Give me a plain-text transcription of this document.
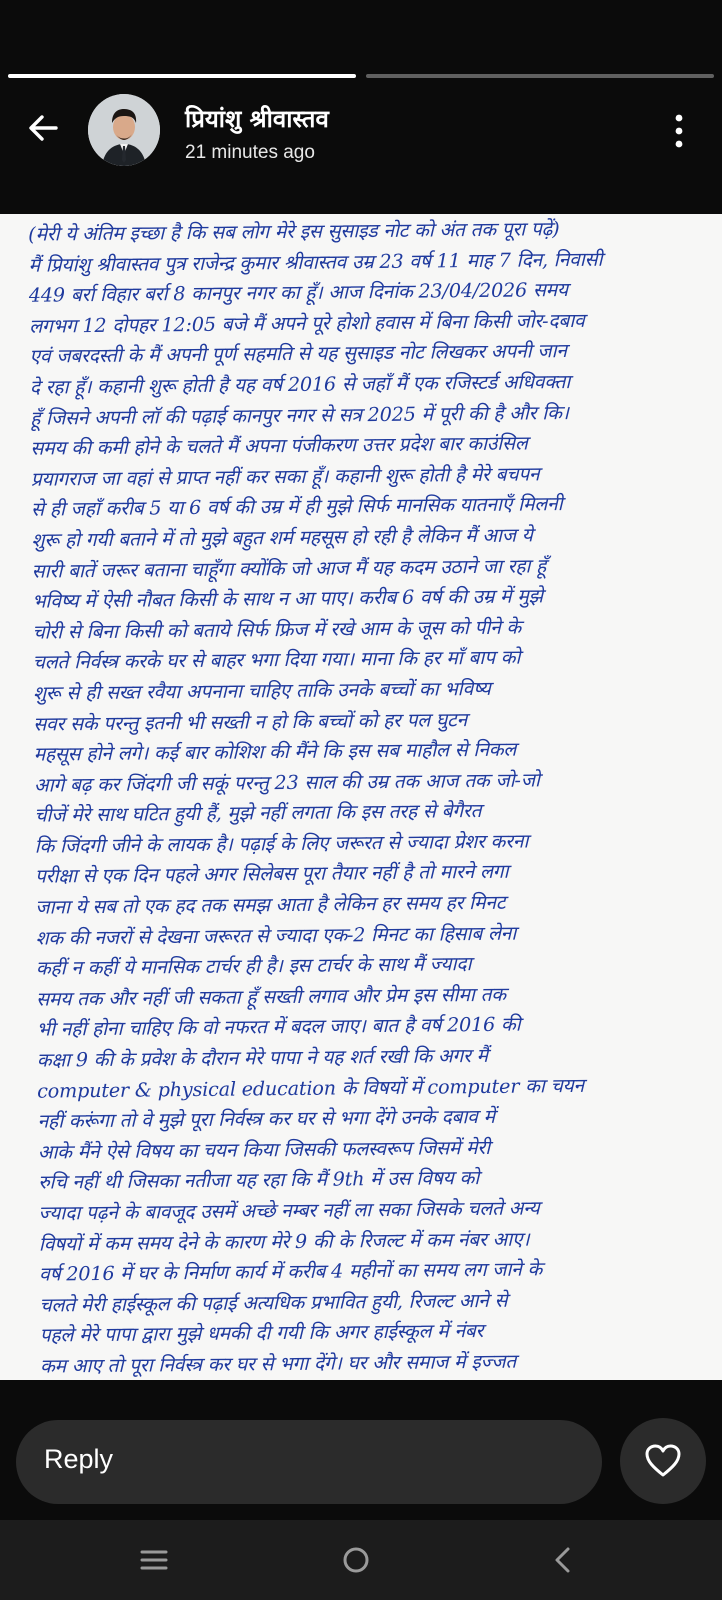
प्रियांशु श्रीवास्तव
21 minutes ago
(मेरी ये अंतिम इच्छा है कि सब लोग मेरे इस सुसाइड नोट को अंत तक पूरा पढ़ें)
मैं प्रियांशु श्रीवास्तव पुत्र राजेन्द्र कुमार श्रीवास्तव उम्र 23 वर्ष 11 माह 7 दिन, निवासी
449 बर्रा विहार बर्रा 8 कानपुर नगर का हूँ। आज दिनांक 23/04/2026 समय
लगभग 12 दोपहर 12:05 बजे मैं अपने पूरे होशो हवास में बिना किसी जोर-दबाव
एवं जबरदस्ती के मैं अपनी पूर्ण सहमति से यह सुसाइड नोट लिखकर अपनी जान
दे रहा हूँ। कहानी शुरू होती है यह वर्ष 2016 से जहाँ मैं एक रजिस्टर्ड अधिवक्ता
हूँ जिसने अपनी लॉ की पढ़ाई कानपुर नगर से सत्र 2025 में पूरी की है और कि।
समय की कमी होने के चलते मैं अपना पंजीकरण उत्तर प्रदेश बार काउंसिल
प्रयागराज जा वहां से प्राप्त नहीं कर सका हूँ। कहानी शुरू होती है मेरे बचपन
से ही जहाँ करीब 5 या 6 वर्ष की उम्र में ही मुझे सिर्फ मानसिक यातनाएँ मिलनी
शुरू हो गयी बताने में तो मुझे बहुत शर्म महसूस हो रही है लेकिन मैं आज ये
सारी बातें जरूर बताना चाहूँगा क्योंकि जो आज मैं यह कदम उठाने जा रहा हूँ
भविष्य में ऐसी नौबत किसी के साथ न आ पाए। करीब 6 वर्ष की उम्र में मुझे
चोरी से बिना किसी को बताये सिर्फ फ्रिज में रखे आम के जूस को पीने के
चलते निर्वस्त्र करके घर से बाहर भगा दिया गया। माना कि हर माँ बाप को
शुरू से ही सख्त रवैया अपनाना चाहिए ताकि उनके बच्चों का भविष्य
सवर सके परन्तु इतनी भी सख्ती न हो कि बच्चों को हर पल घुटन
महसूस होने लगे। कई बार कोशिश की मैंने कि इस सब माहौल से निकल
आगे बढ़ कर जिंदगी जी सकूं परन्तु 23 साल की उम्र तक आज तक जो-जो
चीजें मेरे साथ घटित हुयी हैं, मुझे नहीं लगता कि इस तरह से बेगैरत
कि जिंदगी जीने के लायक है। पढ़ाई के लिए जरूरत से ज्यादा प्रेशर करना
परीक्षा से एक दिन पहले अगर सिलेबस पूरा तैयार नहीं है तो मारने लगा
जाना ये सब तो एक हद तक समझ आता है लेकिन हर समय हर मिनट
शक की नजरों से देखना जरूरत से ज्यादा एक-2 मिनट का हिसाब लेना
कहीं न कहीं ये मानसिक टार्चर ही है। इस टार्चर के साथ मैं ज्यादा
समय तक और नहीं जी सकता हूँ सख्ती लगाव और प्रेम इस सीमा तक
भी नहीं होना चाहिए कि वो नफरत में बदल जाए। बात है वर्ष 2016 की
कक्षा 9 की के प्रवेश के दौरान मेरे पापा ने यह शर्त रखी कि अगर मैं
computer & physical education के विषयों में computer का चयन
नहीं करूंगा तो वे मुझे पूरा निर्वस्त्र कर घर से भगा देंगे उनके दबाव में
आके मैंने ऐसे विषय का चयन किया जिसकी फलस्वरूप जिसमें मेरी
रुचि नहीं थी जिसका नतीजा यह रहा कि मैं 9th में उस विषय को
ज्यादा पढ़ने के बावजूद उसमें अच्छे नम्बर नहीं ला सका जिसके चलते अन्य
विषयों में कम समय देने के कारण मेरे 9 की के रिजल्ट में कम नंबर आए।
वर्ष 2016 में घर के निर्माण कार्य में करीब 4 महीनों का समय लग जाने के
चलते मेरी हाईस्कूल की पढ़ाई अत्यधिक प्रभावित हुयी, रिजल्ट आने से
पहले मेरे पापा द्वारा मुझे धमकी दी गयी कि अगर हाईस्कूल में नंबर
कम आए तो पूरा निर्वस्त्र कर घर से भगा देंगे। घर और समाज में इज्जत
Reply
